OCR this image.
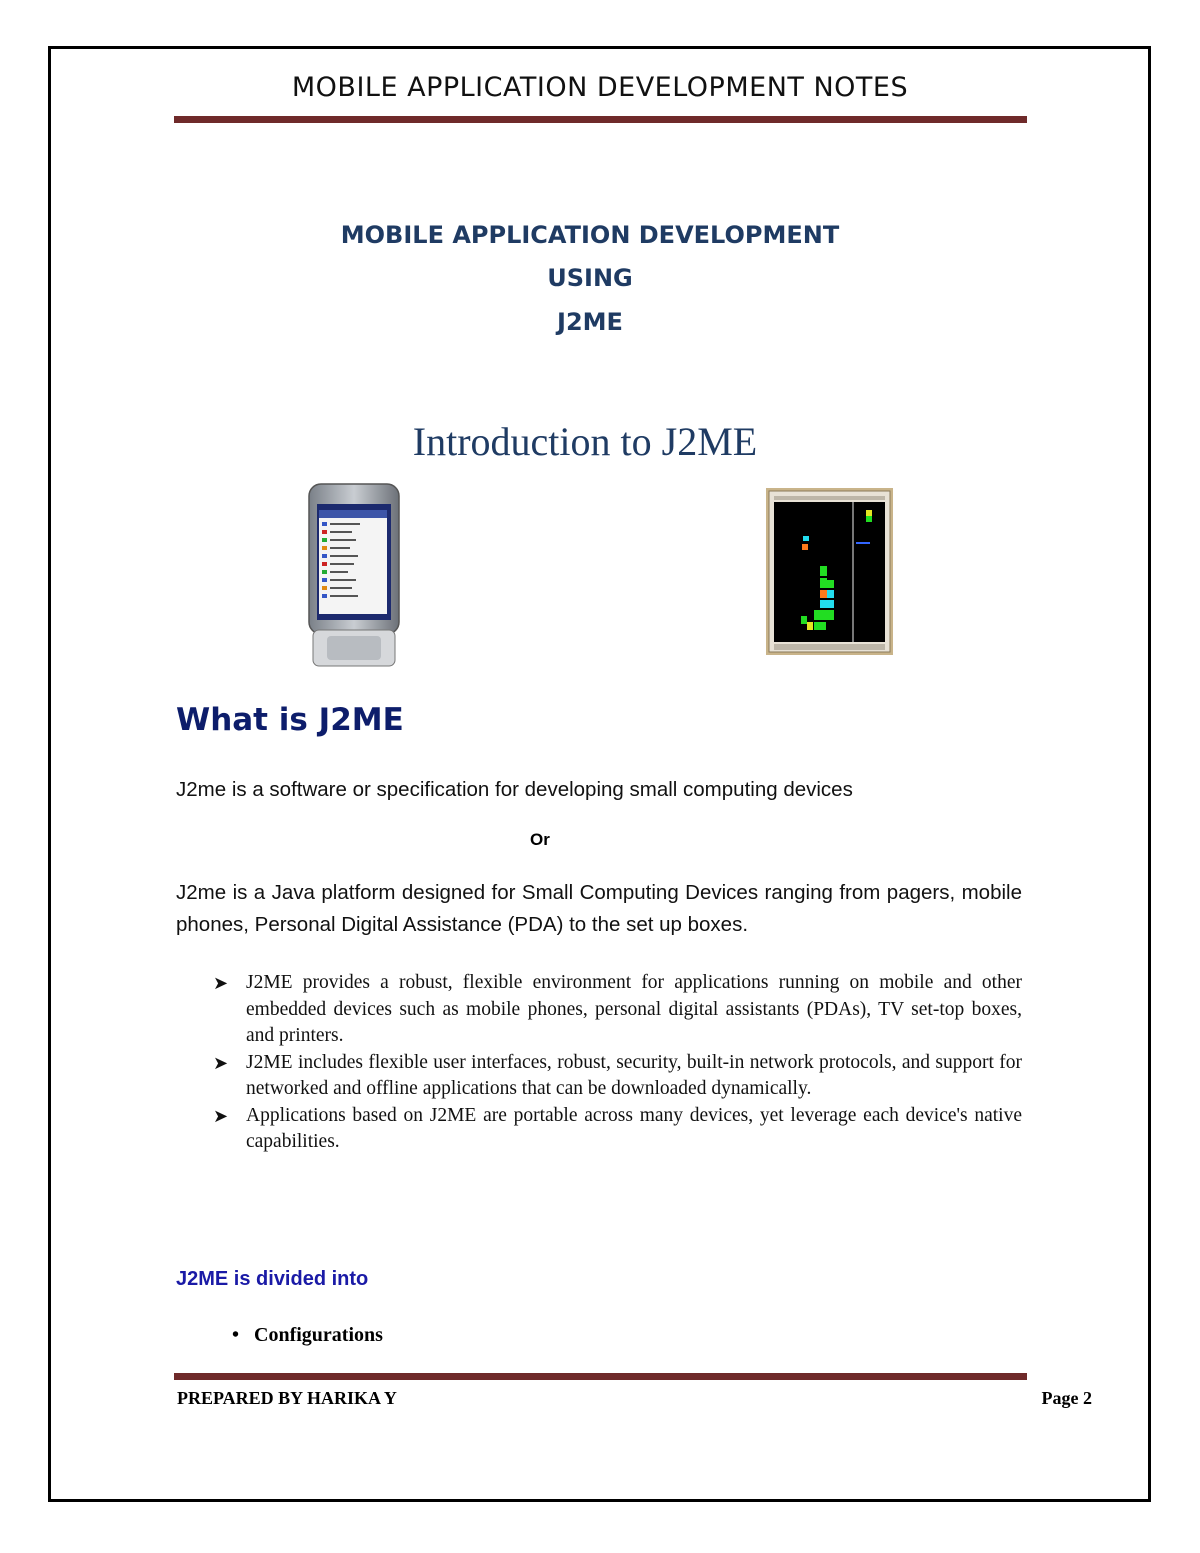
MOBILE APPLICATION DEVELOPMENT NOTES
MOBILE APPLICATION DEVELOPMENT
USING
J2ME
Introduction to J2ME
What is J2ME
J2me is a software or specification for developing small computing devices
Or
J2me is a Java platform designed for Small Computing Devices ranging from pagers, mobile phones, Personal Digital Assistance (PDA) to the set up boxes.
➤ J2ME provides a robust, flexible environment for applications running on mobile and other embedded devices such as mobile phones, personal digital assistants (PDAs), TV set-top boxes, and printers.
➤ J2ME includes flexible user interfaces, robust, security, built-in network protocols, and support for networked and offline applications that can be downloaded dynamically.
➤ Applications based on J2ME are portable across many devices, yet leverage each device's native capabilities.
J2ME is divided into
• Configurations
PREPARED BY HARIKA Y	Page 2
